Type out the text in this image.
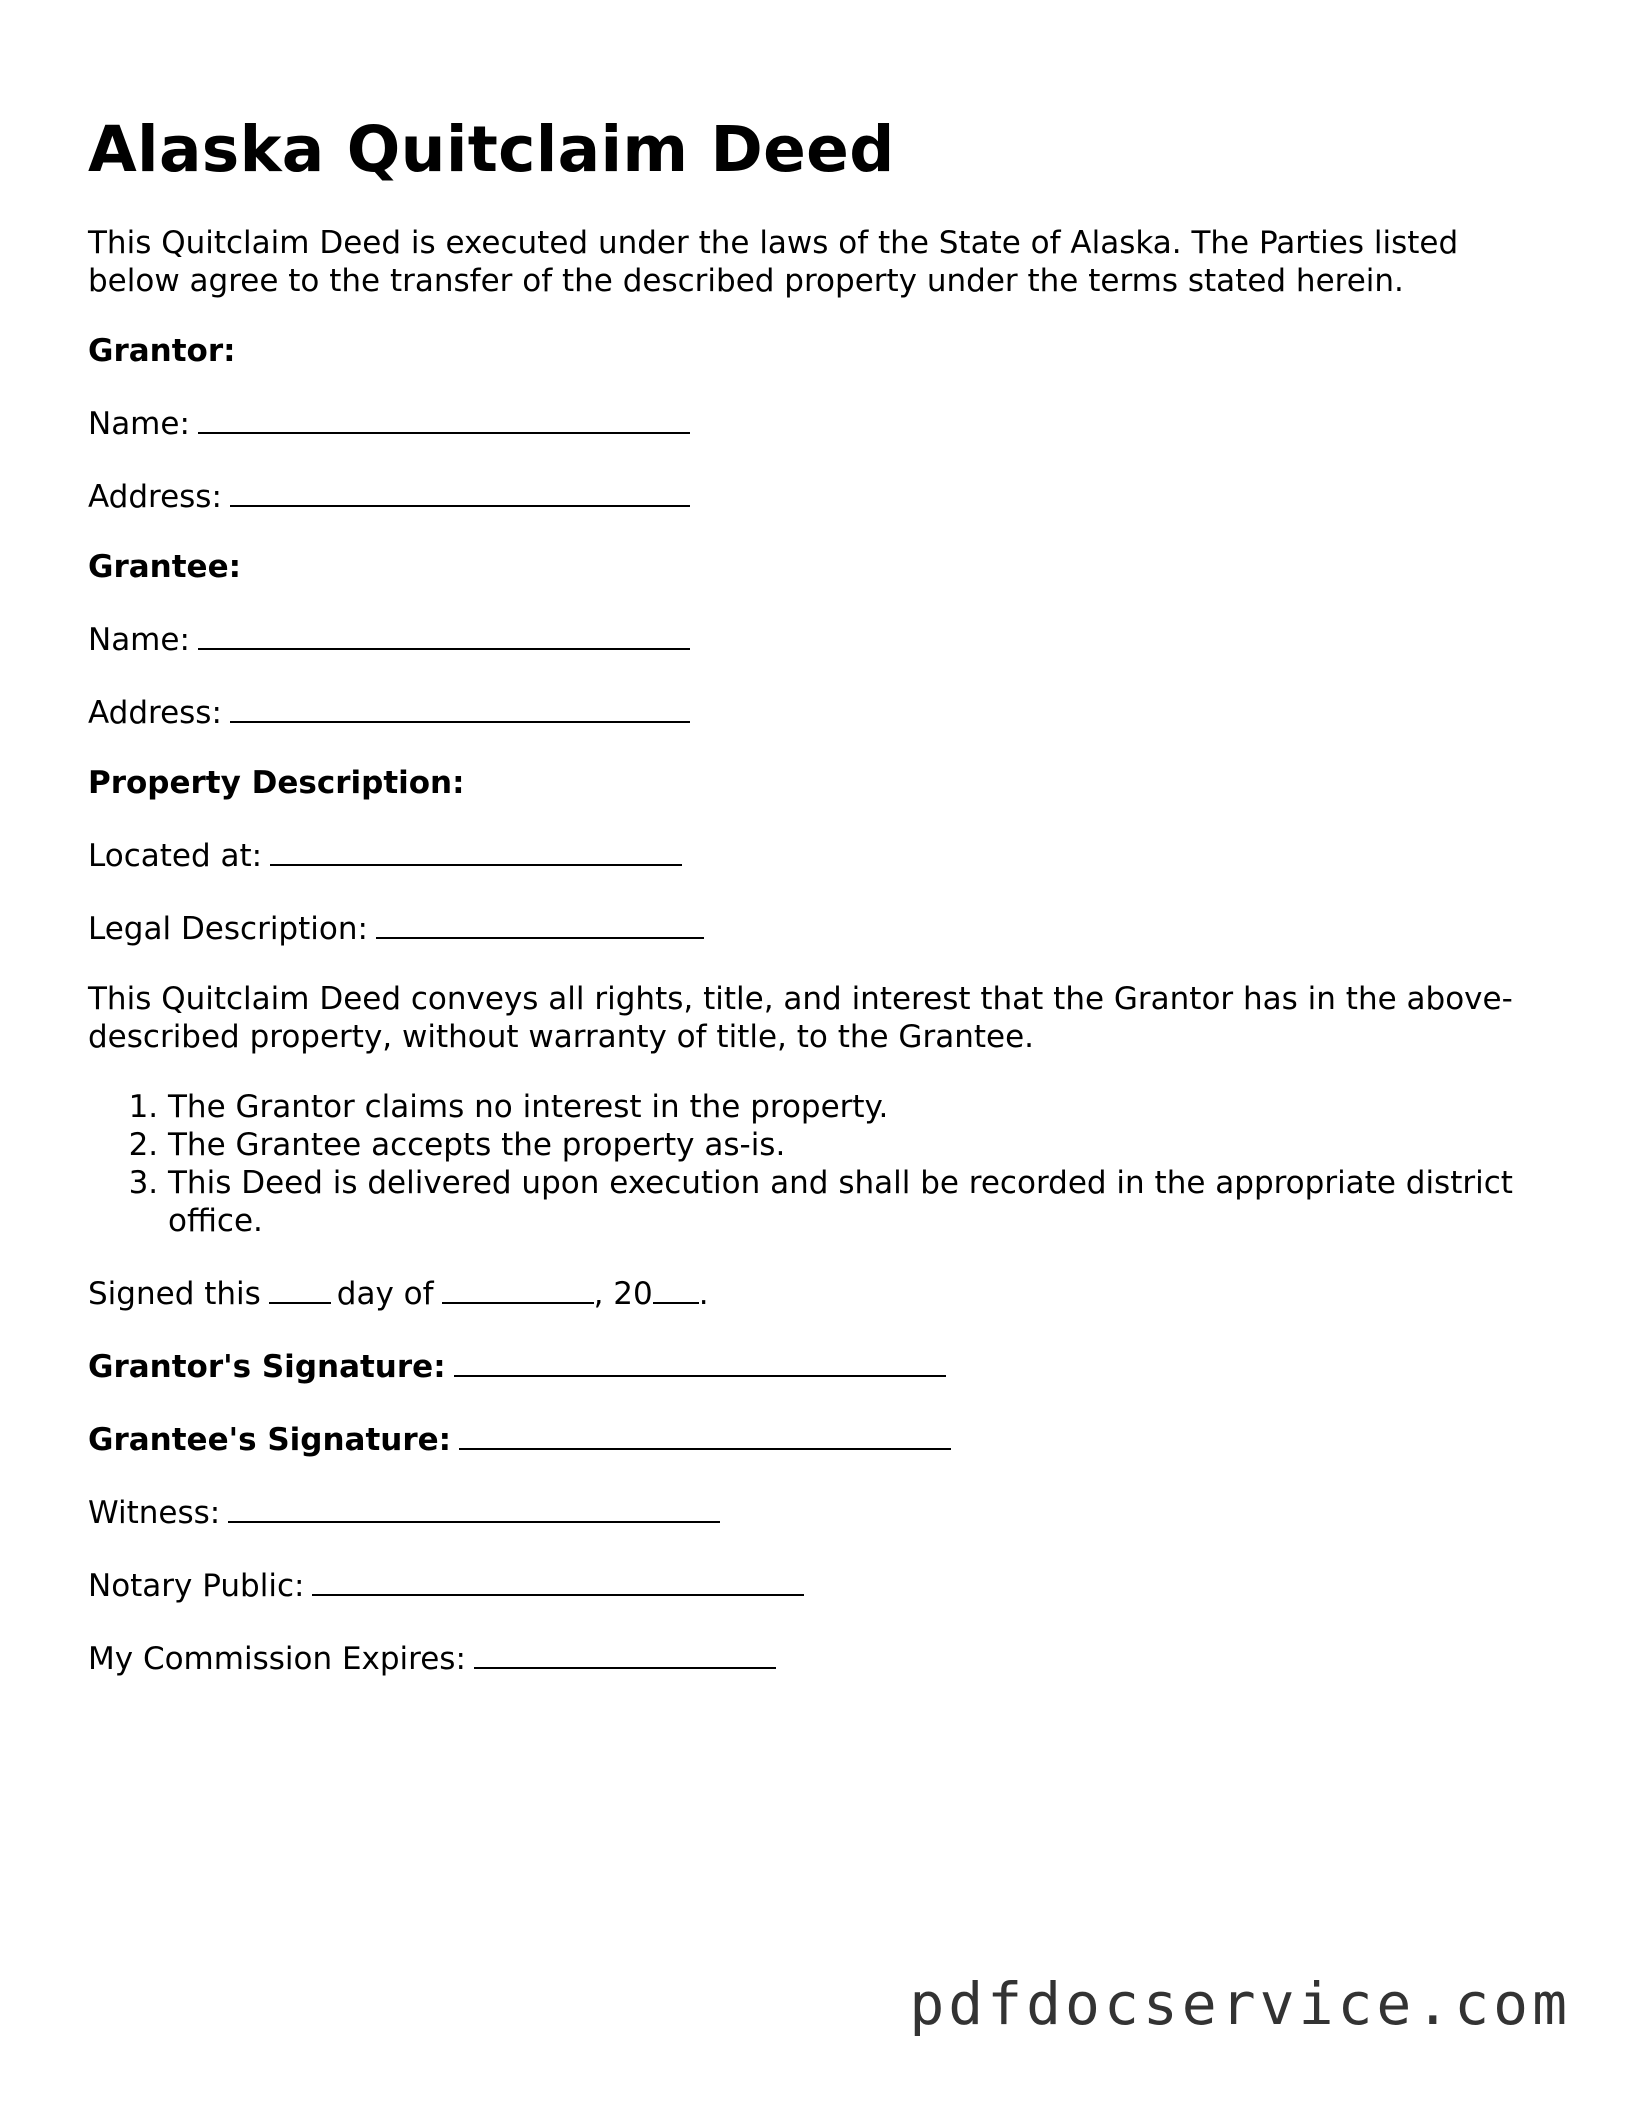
Alaska Quitclaim Deed

This Quitclaim Deed is executed under the laws of the State of Alaska. The Parties listed below agree to the transfer of the described property under the terms stated herein.

Grantor:

Name:

Address:

Grantee:

Name:

Address:

Property Description:

Located at:

Legal Description:

This Quitclaim Deed conveys all rights, title, and interest that the Grantor has in the above-described property, without warranty of title, to the Grantee.

1. The Grantor claims no interest in the property.
2. The Grantee accepts the property as-is.
3. This Deed is delivered upon execution and shall be recorded in the appropriate district office.

Signed this day of	, 20 .

Grantor's Signature:

Grantee's Signature:

Witness:

Notary Public:

My Commission Expires:

pdfdocservice.com
